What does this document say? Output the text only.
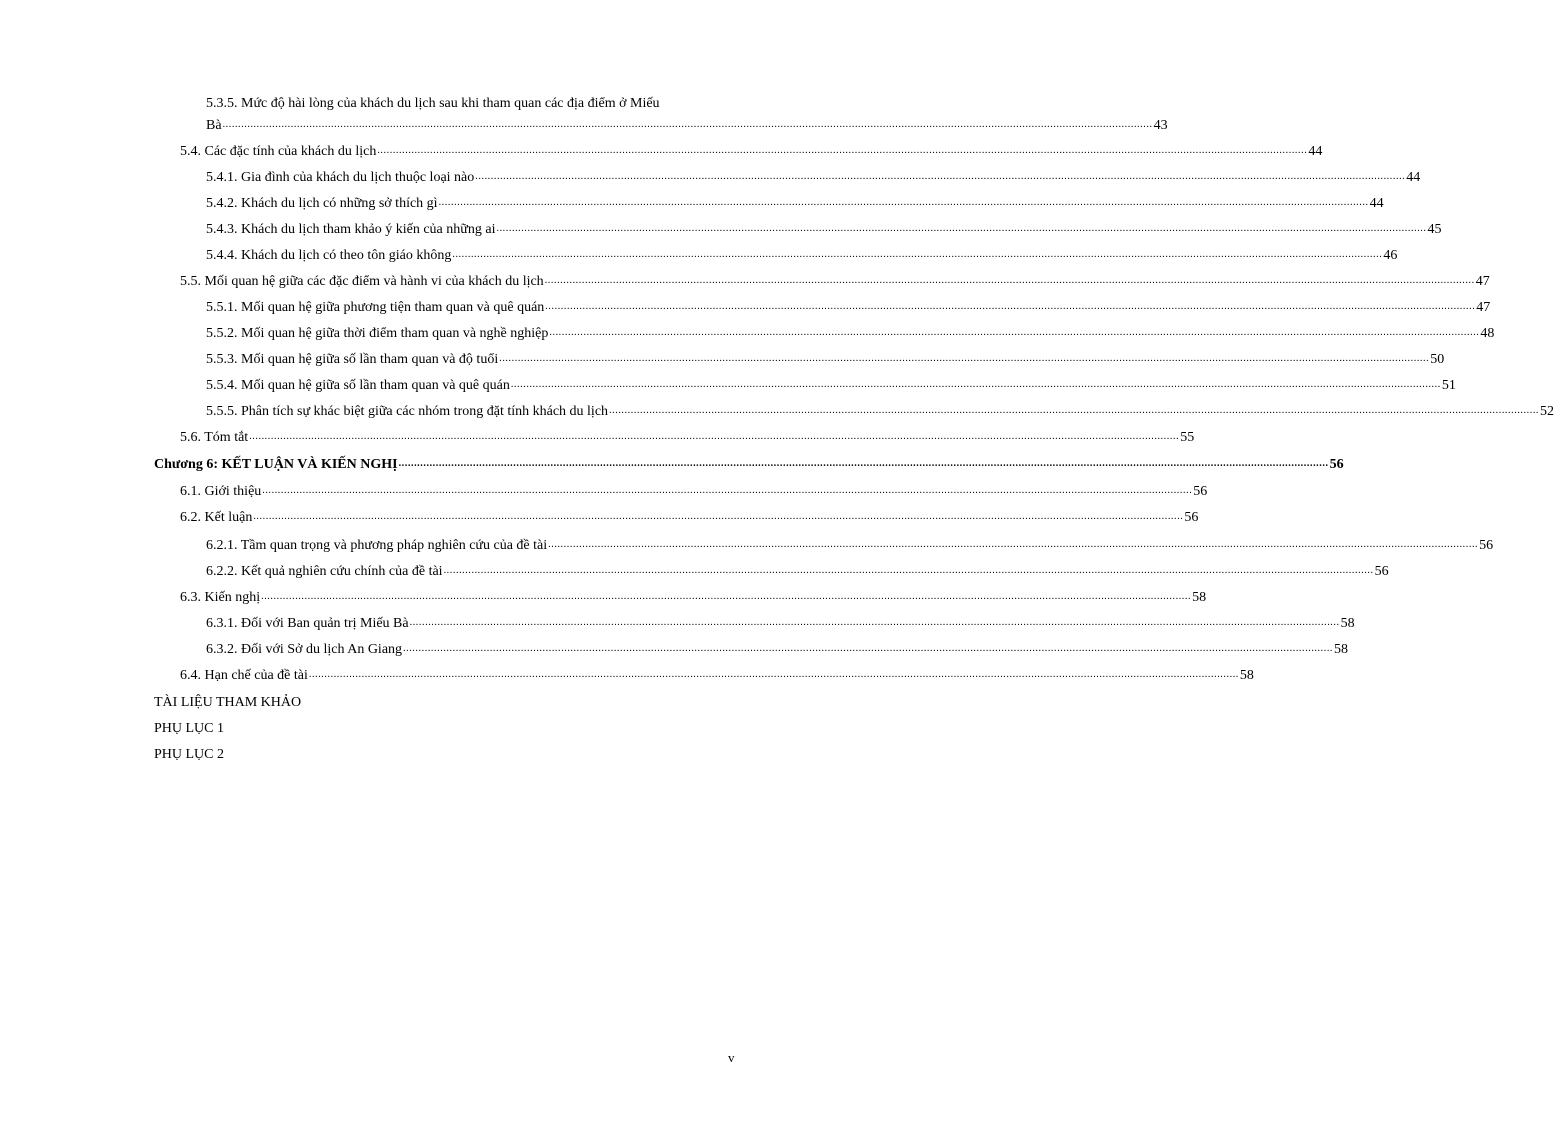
5.3.5. Mức độ hài lòng của khách du lịch sau khi tham quan các địa điểm ở Miếu
Bà ............................................................................................................................................................................................................................................................................................................ 43
5.4. Các đặc tính của khách du lịch ............................................................................................................................................................................................................................................................................................................ 44
5.4.1. Gia đình của khách du lịch thuộc loại nào ............................................................................................................................................................................................................................................................................................................ 44
5.4.2. Khách du lịch có những sở thích gì ............................................................................................................................................................................................................................................................................................................ 44
5.4.3. Khách du lịch tham khảo ý kiến của những ai ............................................................................................................................................................................................................................................................................................................ 45
5.4.4. Khách du lịch có theo tôn giáo không ............................................................................................................................................................................................................................................................................................................ 46
5.5. Mối quan hệ giữa các đặc điểm và hành vi của khách du lịch ............................................................................................................................................................................................................................................................................................................ 47
5.5.1. Mối quan hệ giữa phương tiện tham quan và quê quán ............................................................................................................................................................................................................................................................................................................ 47
5.5.2. Mối quan hệ giữa thời điểm tham quan và nghề nghiệp ............................................................................................................................................................................................................................................................................................................ 48
5.5.3. Mối quan hệ giữa số lần tham quan và độ tuổi ............................................................................................................................................................................................................................................................................................................ 50
5.5.4. Mối quan hệ giữa số lần tham quan và quê quán ............................................................................................................................................................................................................................................................................................................ 51
5.5.5. Phân tích sự khác biệt giữa các nhóm trong đặt tính khách du lịch ............................................................................................................................................................................................................................................................................................................ 52
5.6. Tóm tắt ............................................................................................................................................................................................................................................................................................................ 55
Chương 6: KẾT LUẬN VÀ KIẾN NGHỊ ............................................................................................................................................................................................................................................................................................................ 56
6.1. Giới thiệu ............................................................................................................................................................................................................................................................................................................ 56
6.2. Kết luận ............................................................................................................................................................................................................................................................................................................ 56
6.2.1. Tầm quan trọng và phương pháp nghiên cứu của đề tài ............................................................................................................................................................................................................................................................................................................ 56
6.2.2. Kết quả nghiên cứu chính của đề tài ............................................................................................................................................................................................................................................................................................................ 56
6.3. Kiến nghị ............................................................................................................................................................................................................................................................................................................ 58
6.3.1. Đối với Ban quản trị Miếu Bà ............................................................................................................................................................................................................................................................................................................ 58
6.3.2. Đối với Sở du lịch An Giang ............................................................................................................................................................................................................................................................................................................ 58
6.4. Hạn chế của đề tài ............................................................................................................................................................................................................................................................................................................ 58
TÀI LIỆU THAM KHẢO
PHỤ LỤC 1
PHỤ LỤC 2
v
